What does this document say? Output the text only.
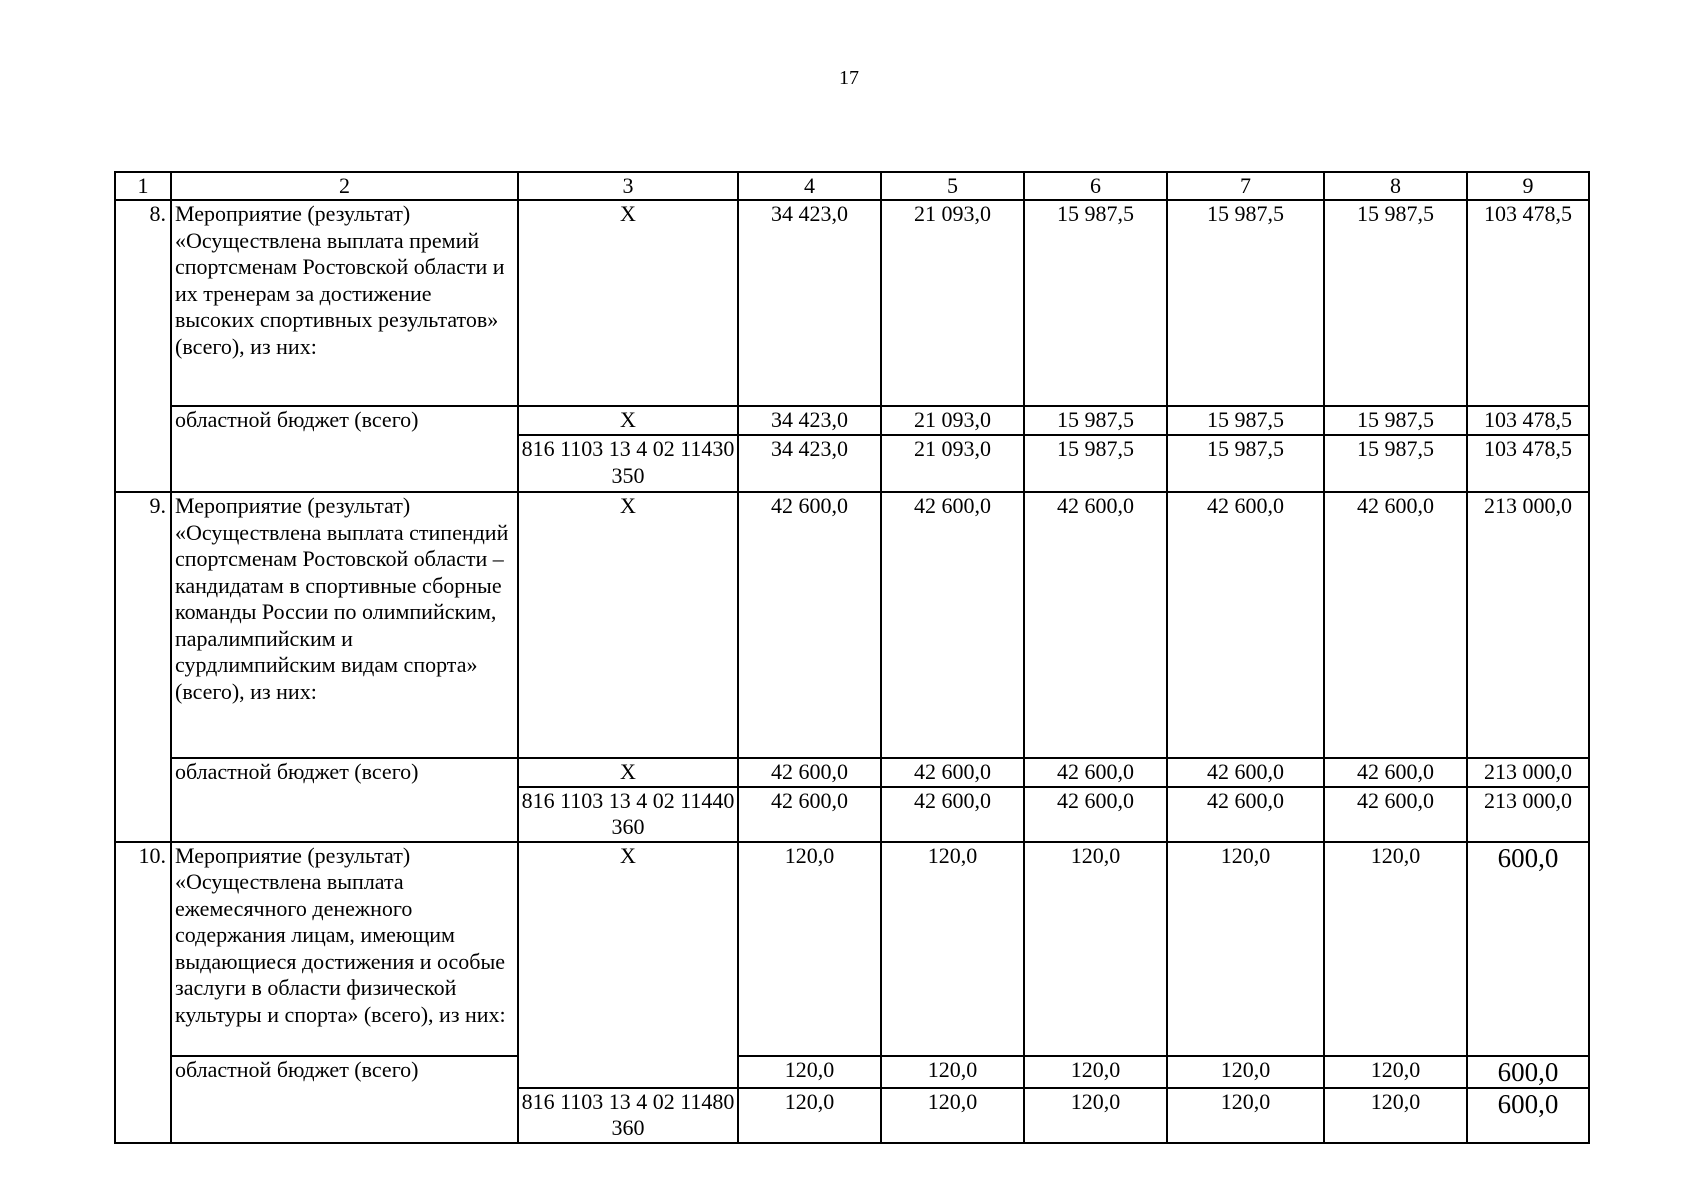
17
1	2	3	4	5	6	7	8	9
8.	Мероприятие (результат) «Осуществлена выплата премий спортсменам Ростовской области и их тренерам за достижение высоких спортивных результатов» (всего), из них:	Х	34 423,0	21 093,0	15 987,5	15 987,5	15 987,5	103 478,5
	областной бюджет (всего)	Х	34 423,0	21 093,0	15 987,5	15 987,5	15 987,5	103 478,5
		816 1103 13 4 02 11430 350	34 423,0	21 093,0	15 987,5	15 987,5	15 987,5	103 478,5
9.	Мероприятие (результат) «Осуществлена выплата стипендий спортсменам Ростовской области – кандидатам в спортивные сборные команды России по олимпийским, паралимпийским и сурдлимпийским видам спорта» (всего), из них:	Х	42 600,0	42 600,0	42 600,0	42 600,0	42 600,0	213 000,0
	областной бюджет (всего)	Х	42 600,0	42 600,0	42 600,0	42 600,0	42 600,0	213 000,0
		816 1103 13 4 02 11440 360	42 600,0	42 600,0	42 600,0	42 600,0	42 600,0	213 000,0
10.	Мероприятие (результат) «Осуществлена выплата ежемесячного денежного содержания лицам, имеющим выдающиеся достижения и особые заслуги в области физической культуры и спорта» (всего), из них:	Х	120,0	120,0	120,0	120,0	120,0	600,0
	областной бюджет (всего)		120,0	120,0	120,0	120,0	120,0	600,0
		816 1103 13 4 02 11480 360	120,0	120,0	120,0	120,0	120,0	600,0
